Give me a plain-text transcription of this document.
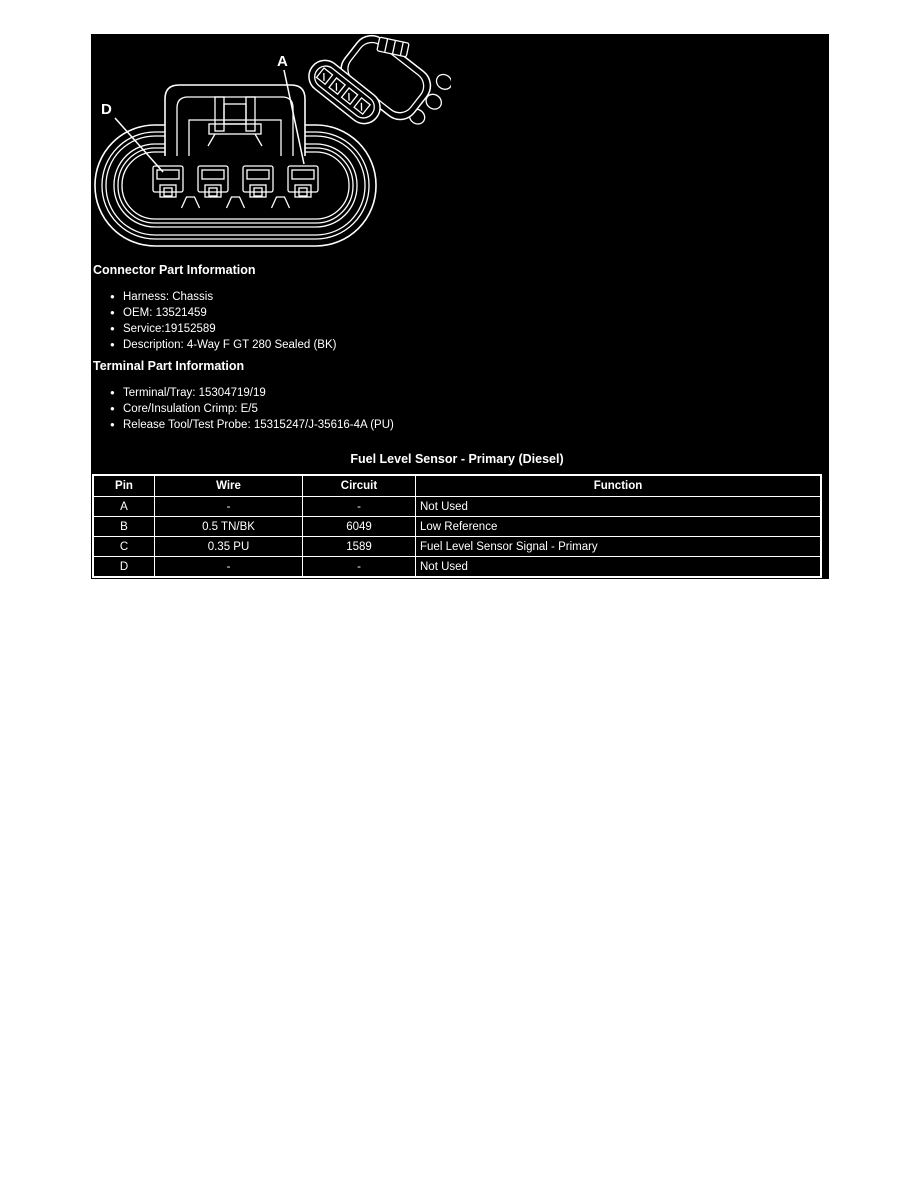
A
D
Connector Part Information
● Harness: Chassis
● OEM: 13521459
● Service:19152589
● Description: 4-Way F GT 280 Sealed (BK)
Terminal Part Information
● Terminal/Tray: 15304719/19
● Core/Insulation Crimp: E/5
● Release Tool/Test Probe: 15315247/J-35616-4A (PU)
Fuel Level Sensor - Primary (Diesel)
Pin	Wire	Circuit	Function
A	-	-	Not Used
B	0.5 TN/BK	6049	Low Reference
C	0.35 PU	1589	Fuel Level Sensor Signal - Primary
D	-	-	Not Used
